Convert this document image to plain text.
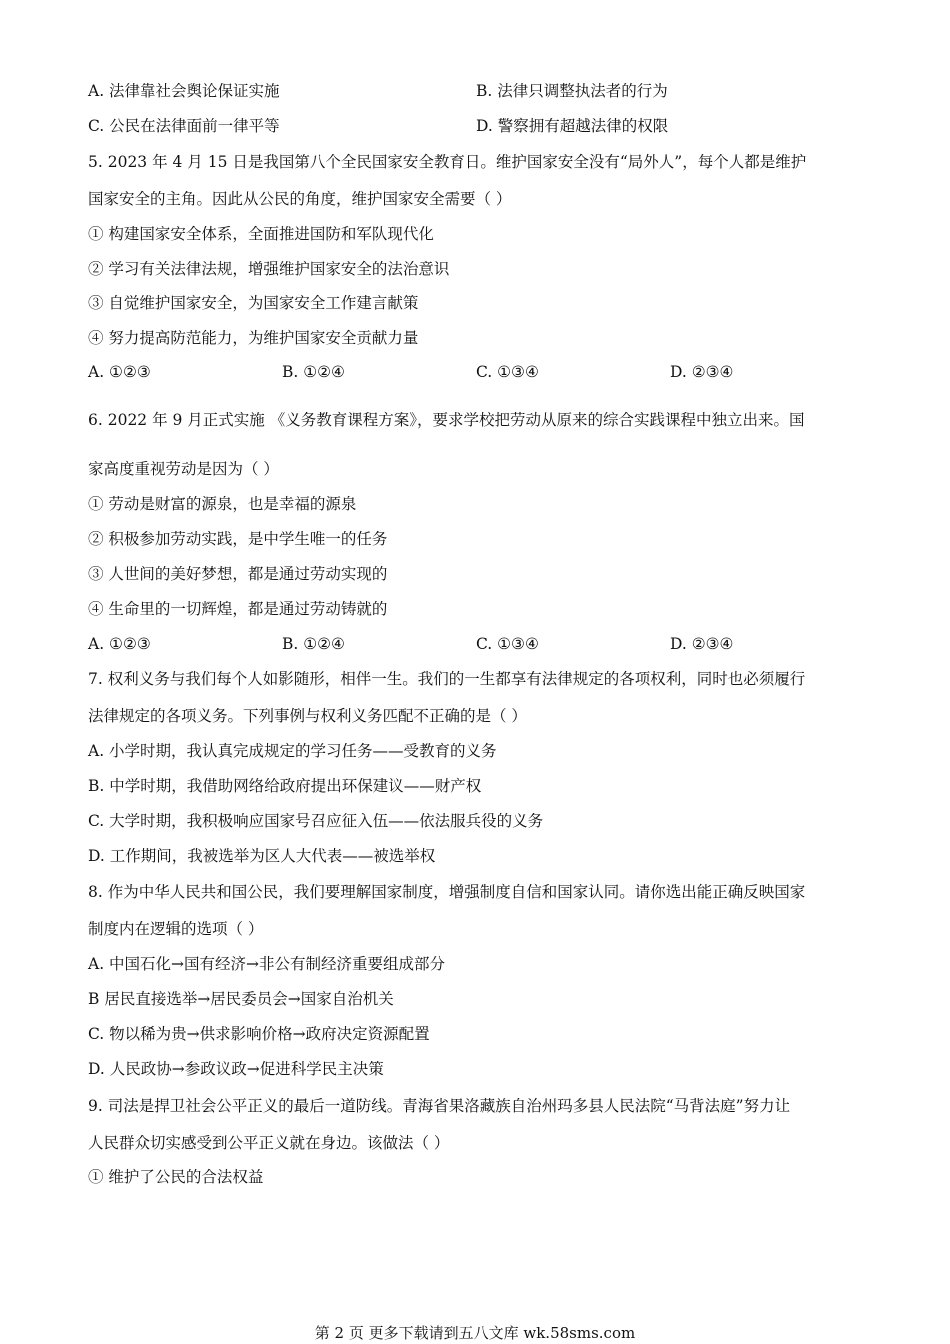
A. 法律靠社会舆论保证实施	B. 法律只调整执法者的行为
C. 公民在法律面前一律平等	D. 警察拥有超越法律的权限
5. 2023 年 4 月 15 日是我国第八个全民国家安全教育日。维护国家安全没有“局外人”，每个人都是维护
国家安全的主角。因此从公民的角度，维护国家安全需要（ ）
① 构建国家安全体系，全面推进国防和军队现代化
② 学习有关法律法规，增强维护国家安全的法治意识
③ 自觉维护国家安全，为国家安全工作建言献策
④ 努力提高防范能力，为维护国家安全贡献力量
A. ①②③	B. ①②④	C. ①③④	D. ②③④
6. 2022 年 9 月正式实施 《义务教育课程方案》，要求学校把劳动从原来的综合实践课程中独立出来。国
家高度重视劳动是因为（ ）
① 劳动是财富的源泉，也是幸福的源泉
② 积极参加劳动实践，是中学生唯一的任务
③ 人世间的美好梦想，都是通过劳动实现的
④ 生命里的一切辉煌，都是通过劳动铸就的
A. ①②③	B. ①②④	C. ①③④	D. ②③④
7. 权利义务与我们每个人如影随形，相伴一生。我们的一生都享有法律规定的各项权利，同时也必须履行
法律规定的各项义务。下列事例与权利义务匹配不正确的是（ ）
A. 小学时期，我认真完成规定的学习任务——受教育的义务
B. 中学时期，我借助网络给政府提出环保建议——财产权
C. 大学时期，我积极响应国家号召应征入伍——依法服兵役的义务
D. 工作期间，我被选举为区人大代表——被选举权
8. 作为中华人民共和国公民，我们要理解国家制度，增强制度自信和国家认同。请你选出能正确反映国家
制度内在逻辑的选项（ ）
A. 中国石化→国有经济→非公有制经济重要组成部分
B 居民直接选举→居民委员会→国家自治机关
C. 物以稀为贵→供求影响价格→政府决定资源配置
D. 人民政协→参政议政→促进科学民主决策
9. 司法是捍卫社会公平正义的最后一道防线。青海省果洛藏族自治州玛多县人民法院“马背法庭”努力让
人民群众切实感受到公平正义就在身边。该做法（ ）
① 维护了公民的合法权益
第 2 页 更多下载请到五八文库 wk.58sms.com
